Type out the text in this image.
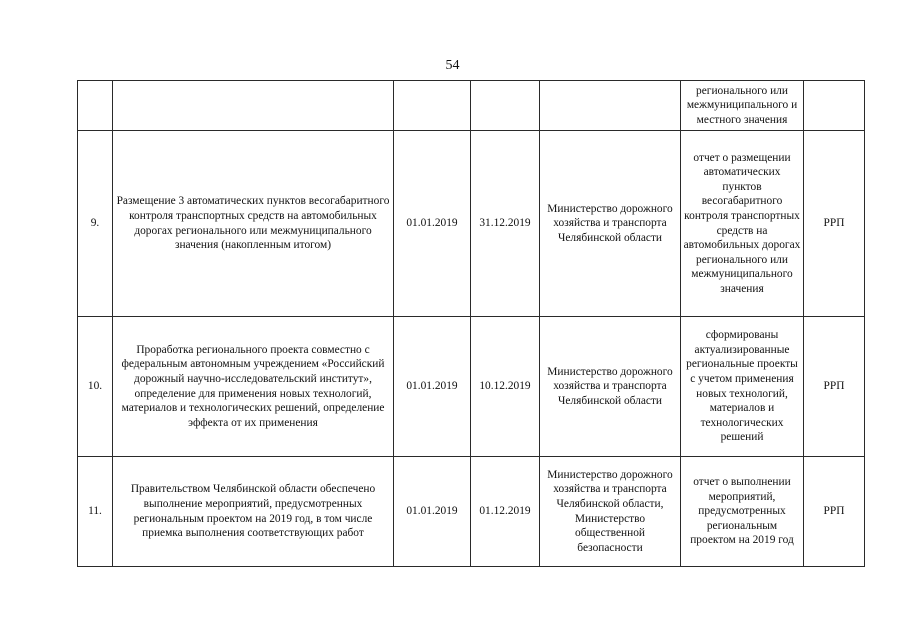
54

					регионального или межмуниципального и местного значения	

9.	Размещение 3 автоматических пунктов весогабаритного контроля транспортных средств на автомобильных дорогах регионального или межмуниципального значения (накопленным итогом)	01.01.2019	31.12.2019	Министерство дорожного хозяйства и транспорта Челябинской области	отчет о размещении автоматических пунктов весогабаритного контроля транспортных средств на автомобильных дорогах регионального или межмуниципального значения	РРП
10.	Проработка регионального проекта совместно с федеральным автономным учреждением «Российский дорожный научно-исследовательский институт», определение для применения новых технологий, материалов и технологических решений, определение эффекта от их применения	01.01.2019	10.12.2019	Министерство дорожного хозяйства и транспорта Челябинской области	сформированы актуализированные региональные проекты с учетом применения новых технологий, материалов и технологических решений	РРП
11.	Правительством Челябинской области обеспечено выполнение мероприятий, предусмотренных региональным проектом на 2019 год, в том числе приемка выполнения соответствующих работ	01.01.2019	01.12.2019	Министерство дорожного хозяйства и транспорта Челябинской области, Министерство общественной безопасности	отчет о выполнении мероприятий, предусмотренных региональным проектом на 2019 год	РРП
